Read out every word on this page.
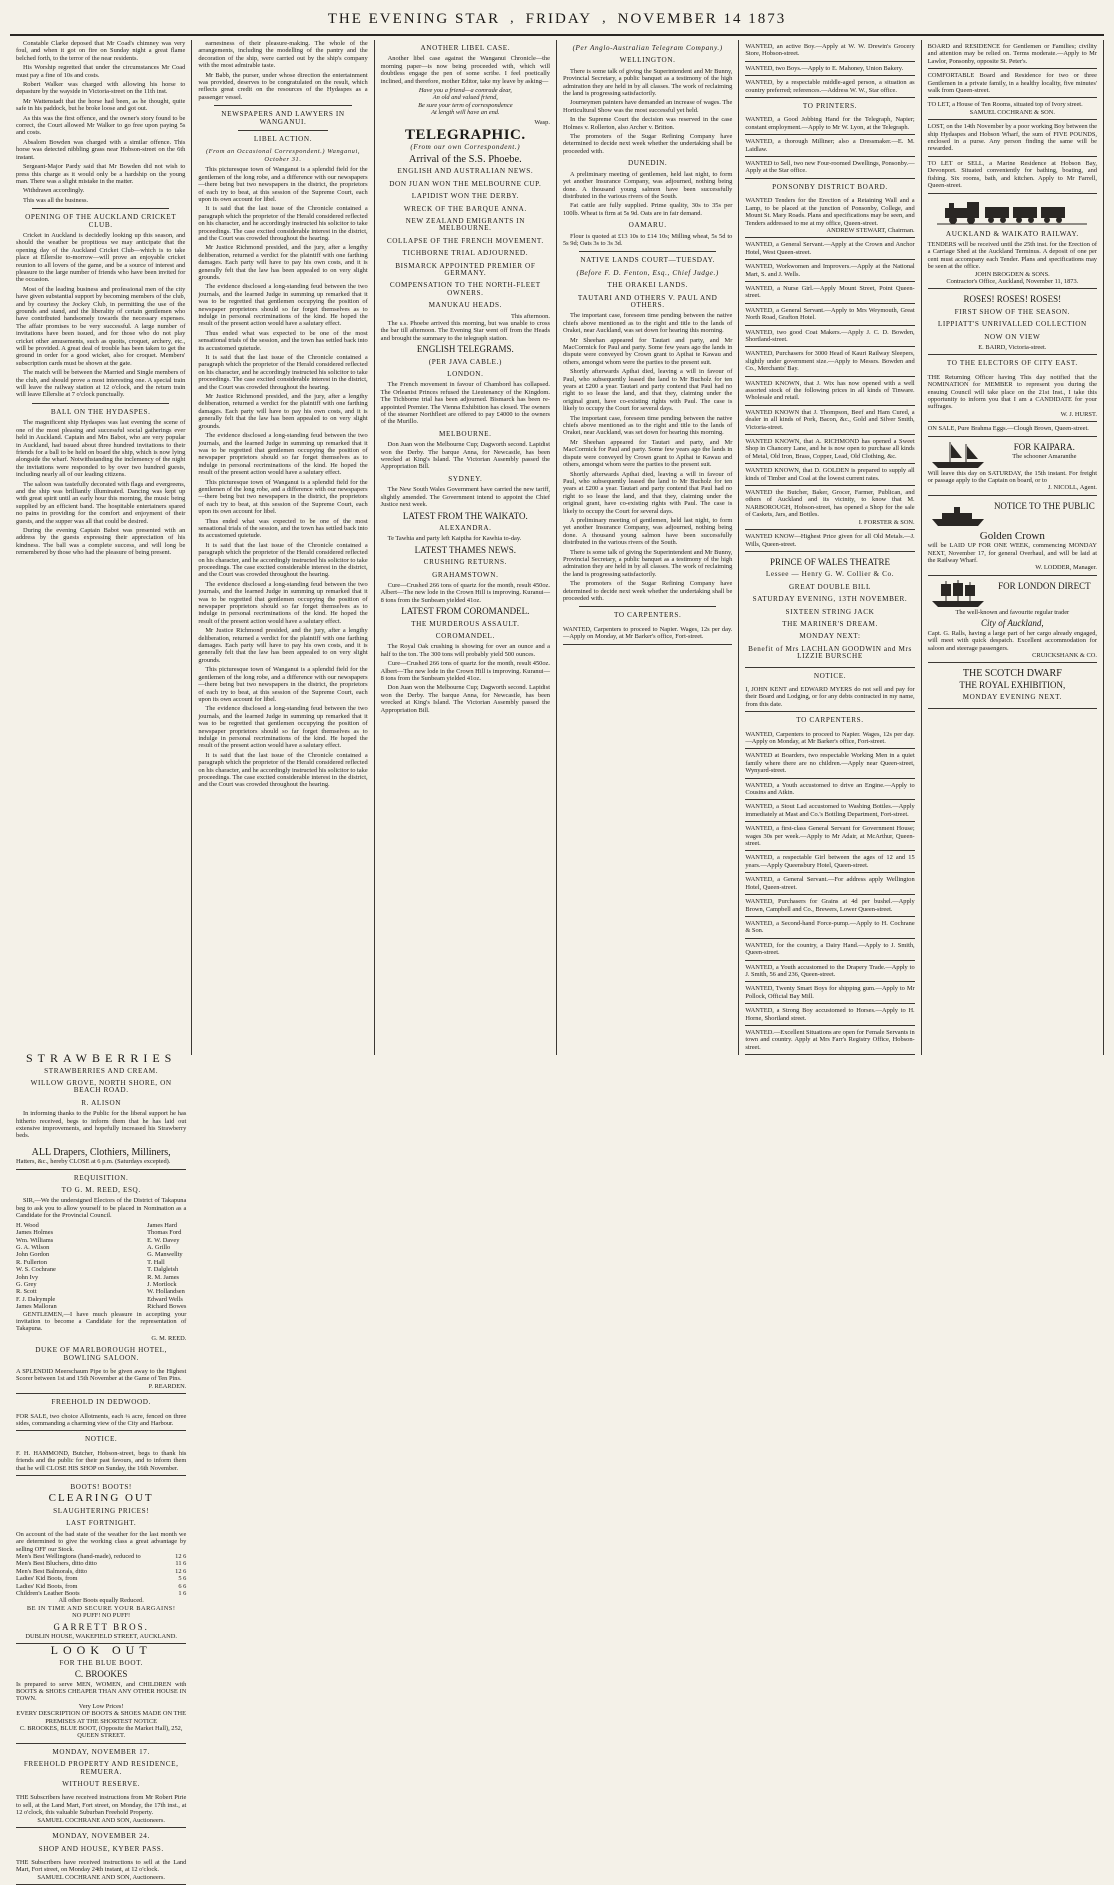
THE EVENING STAR , FRIDAY , NOVEMBER 14 1873

Constable Clarke deposed that Mr Coad's chimney was very foul, and when it got on fire on Sunday night a great flame belched forth, to the terror of the near residents.

His Worship regretted that under the circumstances Mr Coad must pay a fine of 10s and costs.

Robert Walker was charged with allowing his horse to depasture by the wayside in Victoria-street on the 11th inst.

Mr Wattenstadt that the horse had been, as he thought, quite safe in his paddock, but he broke loose and got out.

As this was the first offence, and the owner's story found to be correct, the Court allowed Mr Walker to go free upon paying 5s and costs.

Absalom Bowden was charged with a similar offence. This horse was detected nibbling grass near Hobson-street on the 6th instant.

Sergeant-Major Pardy said that Mr Bowden did not wish to press this charge as it would only be a hardship on the young man. There was a slight mistake in the matter.

Withdrawn accordingly.

This was all the business.

OPENING OF THE AUCKLAND CRICKET CLUB.

Cricket in Auckland is decidedly looking up this season, and should the weather be propitious we may anticipate that the opening day of the Auckland Cricket Club—which is to take place at Ellerslie to-morrow—will prove an enjoyable cricket reunion to all lovers of the game, and be a source of interest and pleasure to the large number of friends who have been invited for the occasion.

Most of the leading business and professional men of the city have given substantial support by becoming members of the club, and by courtesy the Jockey Club, in permitting the use of the grounds and stand, and the liberality of certain gentlemen who have contributed handsomely towards the necessary expenses. The affair promises to be very successful. A large number of invitations have been issued, and for those who do not play cricket other amusements, such as quoits, croquet, archery, etc., will be provided. A great deal of trouble has been taken to get the ground in order for a good wicket, also for croquet. Members' subscription cards must be shown at the gate.

The match will be between the Married and Single members of the club, and should prove a most interesting one. A special train will leave the railway station at 12 o'clock, and the return train will leave Ellerslie at 7 o'clock punctually.

BALL ON THE HYDASPES.

The magnificent ship Hydaspes was last evening the scene of one of the most pleasing and successful social gatherings ever held in Auckland. Captain and Mrs Babot, who are very popular in Auckland, had issued about three hundred invitations to their friends for a ball to be held on board the ship, which is now lying alongside the wharf. Notwithstanding the inclemency of the night the invitations were responded to by over two hundred guests, including nearly all of our leading citizens.

The saloon was tastefully decorated with flags and evergreens, and the ship was brilliantly illuminated. Dancing was kept up with great spirit until an early hour this morning, the music being supplied by an efficient band. The hospitable entertainers spared no pains in providing for the comfort and enjoyment of their guests, and the supper was all that could be desired.

During the evening Captain Babot was presented with an address by the guests expressing their appreciation of his kindness. The ball was a complete success, and will long be remembered by those who had the pleasure of being present.

earnestness of their pleasure-making. The whole of the arrangements, including the modelling of the pantry and the decoration of the ship, were carried out by the ship's company with the most admirable taste.

Mr Babb, the purser, under whose direction the entertainment was provided, deserves to be congratulated on the result, which reflects great credit on the resources of the Hydaspes as a passenger vessel.

NEWSPAPERS AND LAWYERS IN WANGANUI.
LIBEL ACTION.
(From an Occasional Correspondent.) Wanganui, October 31.

This picturesque town of Wanganui is a splendid field for the gentlemen of the long robe, and a difference with our newspapers—there being but two newspapers in the district, the proprietors of each try to beat, at this session of the Supreme Court, each upon its own account for libel.

It is said that the last issue of the Chronicle contained a paragraph which the proprietor of the Herald considered reflected on his character, and he accordingly instructed his solicitor to take proceedings. The case excited considerable interest in the district, and the Court was crowded throughout the hearing.

Mr Justice Richmond presided, and the jury, after a lengthy deliberation, returned a verdict for the plaintiff with one farthing damages. Each party will have to pay his own costs, and it is generally felt that the law has been appealed to on very slight grounds.

The evidence disclosed a long-standing feud between the two journals, and the learned Judge in summing up remarked that it was to be regretted that gentlemen occupying the position of newspaper proprietors should so far forget themselves as to indulge in personal recriminations of the kind. He hoped the result of the present action would have a salutary effect.

Thus ended what was expected to be one of the most sensational trials of the session, and the town has settled back into its accustomed quietude.

It is said that the last issue of the Chronicle contained a paragraph which the proprietor of the Herald considered reflected on his character, and he accordingly instructed his solicitor to take proceedings. The case excited considerable interest in the district, and the Court was crowded throughout the hearing.

Mr Justice Richmond presided, and the jury, after a lengthy deliberation, returned a verdict for the plaintiff with one farthing damages. Each party will have to pay his own costs, and it is generally felt that the law has been appealed to on very slight grounds.

The evidence disclosed a long-standing feud between the two journals, and the learned Judge in summing up remarked that it was to be regretted that gentlemen occupying the position of newspaper proprietors should so far forget themselves as to indulge in personal recriminations of the kind. He hoped the result of the present action would have a salutary effect.

This picturesque town of Wanganui is a splendid field for the gentlemen of the long robe, and a difference with our newspapers—there being but two newspapers in the district, the proprietors of each try to beat, at this session of the Supreme Court, each upon its own account for libel.

Thus ended what was expected to be one of the most sensational trials of the session, and the town has settled back into its accustomed quietude.

It is said that the last issue of the Chronicle contained a paragraph which the proprietor of the Herald considered reflected on his character, and he accordingly instructed his solicitor to take proceedings. The case excited considerable interest in the district, and the Court was crowded throughout the hearing.

The evidence disclosed a long-standing feud between the two journals, and the learned Judge in summing up remarked that it was to be regretted that gentlemen occupying the position of newspaper proprietors should so far forget themselves as to indulge in personal recriminations of the kind. He hoped the result of the present action would have a salutary effect.

Mr Justice Richmond presided, and the jury, after a lengthy deliberation, returned a verdict for the plaintiff with one farthing damages. Each party will have to pay his own costs, and it is generally felt that the law has been appealed to on very slight grounds.

This picturesque town of Wanganui is a splendid field for the gentlemen of the long robe, and a difference with our newspapers—there being but two newspapers in the district, the proprietors of each try to beat, at this session of the Supreme Court, each upon its own account for libel.

The evidence disclosed a long-standing feud between the two journals, and the learned Judge in summing up remarked that it was to be regretted that gentlemen occupying the position of newspaper proprietors should so far forget themselves as to indulge in personal recriminations of the kind. He hoped the result of the present action would have a salutary effect.

It is said that the last issue of the Chronicle contained a paragraph which the proprietor of the Herald considered reflected on his character, and he accordingly instructed his solicitor to take proceedings. The case excited considerable interest in the district, and the Court was crowded throughout the hearing.

ANOTHER LIBEL CASE.

Another libel case against the Wanganui Chronicle—the morning paper—is now being proceeded with, which will doubtless engage the pen of some scribe. I feel poetically inclined, and therefore, mother Editor, take my leave by asking—

Have you a friend—a comrade dear,
An old and valued friend,
Be sure your term of correspondence
At length will have an end.

Wasp.
TELEGRAPHIC.
(From our own Correspondent.)
Arrival of the S.S. Phoebe.
ENGLISH AND AUSTRALIAN NEWS.
DON JUAN WON THE MELBOURNE CUP.
LAPIDIST WON THE DERBY.
WRECK OF THE BARQUE ANNA.
NEW ZEALAND EMIGRANTS IN MELBOURNE.
COLLAPSE OF THE FRENCH MOVEMENT.
TICHBORNE TRIAL ADJOURNED.
BISMARCK APPOINTED PREMIER OF GERMANY.
COMPENSATION TO THE NORTH-FLEET OWNERS.
MANUKAU HEADS.
This afternoon.

The s.s. Phoebe arrived this morning, but was unable to cross the bar till afternoon. The Evening Star went off from the Heads and brought the summary to the telegraph station.

ENGLISH TELEGRAMS.
(PER JAVA CABLE.)
LONDON.

The French movement in favour of Chambord has collapsed. The Orleanist Princes refused the Lieutenancy of the Kingdom. The Tichborne trial has been adjourned. Bismarck has been re-appointed Premier. The Vienna Exhibition has closed. The owners of the steamer Northfleet are offered to pay £4000 to the owners of the Murillo.

MELBOURNE.

Don Juan won the Melbourne Cup; Dagworth second. Lapidist won the Derby. The barque Anna, for Newcastle, has been wrecked at King's Island. The Victorian Assembly passed the Appropriation Bill.

SYDNEY.

The New South Wales Government have carried the new tariff, slightly amended. The Government intend to appoint the Chief Justice next week.

LATEST FROM THE WAIKATO.
ALEXANDRA.

Te Tawhia and party left Kaipiha for Kawhia to-day.

LATEST THAMES NEWS.
CRUSHING RETURNS.
GRAHAMSTOWN.

Cure—Crushed 266 tons of quartz for the month, result 450oz. Albert—The new lode in the Crown Hill is improving. Kuranui—8 tons from the Sunbeam yielded 41oz.

LATEST FROM COROMANDEL.
THE MURDEROUS ASSAULT.
COROMANDEL.

The Royal Oak crushing is showing for over an ounce and a half to the ton. The 300 tons will probably yield 500 ounces.

Cure—Crushed 266 tons of quartz for the month, result 450oz. Albert—The new lode in the Crown Hill is improving. Kuranui—8 tons from the Sunbeam yielded 41oz.

Don Juan won the Melbourne Cup; Dagworth second. Lapidist won the Derby. The barque Anna, for Newcastle, has been wrecked at King's Island. The Victorian Assembly passed the Appropriation Bill.

(Per Anglo-Australian Telegram Company.)
WELLINGTON.

There is some talk of giving the Superintendent and Mr Bunny, Provincial Secretary, a public banquet as a testimony of the high admiration they are held in by all classes. The work of reclaiming the land is progressing satisfactorily.

Journeymen painters have demanded an increase of wages. The Horticultural Show was the most successful yet held.

In the Supreme Court the decision was reserved in the case Holmes v. Rollerton, also Archer v. Britton.

The promoters of the Sugar Refining Company have determined to decide next week whether the undertaking shall be proceeded with.

DUNEDIN.

A preliminary meeting of gentlemen, held last night, to form yet another Insurance Company, was adjourned, nothing being done. A thousand young salmon have been successfully distributed in the various rivers of the South.

Fat cattle are fully supplied. Prime quality, 30s to 35s per 100lb. Wheat is firm at 5s 9d. Oats are in fair demand.

OAMARU.

Flour is quoted at £13 10s to £14 10s; Milling wheat, 5s 5d to 5s 9d; Oats 3s to 3s 3d.

NATIVE LANDS COURT—TUESDAY.
(Before F. D. Fenton, Esq., Chief Judge.)
THE ORAKEI LANDS.
TAUTARI AND OTHERS V. PAUL AND OTHERS.

The important case, foreseen time pending between the native chiefs above mentioned as to the right and title to the lands of Orakei, near Auckland, was set down for hearing this morning.

Mr Sheehan appeared for Tautari and party, and Mr MacCormick for Paul and party. Some few years ago the lands in dispute were conveyed by Crown grant to Apihai te Kawau and others, amongst whom were the parties to the present suit.

Shortly afterwards Apihai died, leaving a will in favour of Paul, who subsequently leased the land to Mr Bucholz for ten years at £200 a year. Tautari and party contend that Paul had no right to so lease the land, and that they, claiming under the original grant, have co-existing rights with Paul. The case is likely to occupy the Court for several days.

The important case, foreseen time pending between the native chiefs above mentioned as to the right and title to the lands of Orakei, near Auckland, was set down for hearing this morning.

Mr Sheehan appeared for Tautari and party, and Mr MacCormick for Paul and party. Some few years ago the lands in dispute were conveyed by Crown grant to Apihai te Kawau and others, amongst whom were the parties to the present suit.

Shortly afterwards Apihai died, leaving a will in favour of Paul, who subsequently leased the land to Mr Bucholz for ten years at £200 a year. Tautari and party contend that Paul had no right to so lease the land, and that they, claiming under the original grant, have co-existing rights with Paul. The case is likely to occupy the Court for several days.

A preliminary meeting of gentlemen, held last night, to form yet another Insurance Company, was adjourned, nothing being done. A thousand young salmon have been successfully distributed in the various rivers of the South.

There is some talk of giving the Superintendent and Mr Bunny, Provincial Secretary, a public banquet as a testimony of the high admiration they are held in by all classes. The work of reclaiming the land is progressing satisfactorily.

The promoters of the Sugar Refining Company have determined to decide next week whether the undertaking shall be proceeded with.

TO CARPENTERS.
WANTED, Carpenters to proceed to Napier. Wages, 12s per day.—Apply on Monday, at Mr Barker's office, Fort-street.
WANTED, an active Boy.—Apply at W. W. Drewin's Grocery Store, Hobson-street.
WANTED, two Boys.—Apply to E. Mahoney, Union Bakery.
WANTED, by a respectable middle-aged person, a situation as country preferred; references.—Address W. W., Star office.
TO PRINTERS.
WANTED, a Good Jobbing Hand for the Telegraph, Napier; constant employment.—Apply to Mr W. Lyon, at the Telegraph.
WANTED, a thorough Milliner; also a Dressmaker.—E. M. Laidlaw.
WANTED to Sell, two new Four-roomed Dwellings, Ponsonby.—Apply at the Star office.
PONSONBY DISTRICT BOARD.
WANTED Tenders for the Erection of a Retaining Wall and a Lamp, to be placed at the junction of Ponsonby, College, and Mount St. Mary Roads. Plans and specifications may be seen, and Tenders addressed to me at my office, Queen-street.
ANDREW STEWART, Chairman.
WANTED, a General Servant.—Apply at the Crown and Anchor Hotel, West Queen-street.
WANTED, Workwomen and Improvers.—Apply at the National Mart, S. and J. Wells.
WANTED, a Nurse Girl.—Apply Mount Street, Point Queen-street.
WANTED, a General Servant.—Apply to Mrs Weymouth, Great North Road, Grafton Hotel.
WANTED, two good Coat Makers.—Apply J. C. D. Bowden, Shortland-street.
WANTED, Purchasers for 3000 Head of Kauri Railway Sleepers, slightly under government size.—Apply to Messrs. Bowden and Co., Merchants' Bay.
WANTED KNOWN, that J. Wix has now opened with a well assorted stock of the following prices in all kinds of Tinware. Wholesale and retail.
WANTED KNOWN that J. Thompson, Beef and Ham Cured, a dealer in all kinds of Pork, Bacon, &c., Gold and Silver Smith, Victoria-street.
WANTED KNOWN, that A. RICHMOND has opened a Sweet Shop in Chancery Lane, and he is now open to purchase all kinds of Metal, Old Iron, Brass, Copper, Lead, Old Clothing, &c.
WANTED KNOWN, that D. GOLDEN is prepared to supply all kinds of Timber and Coal at the lowest current rates.
WANTED the Butcher, Baker, Grocer, Farmer, Publican, and others of Auckland and its vicinity, to know that M. NARBOROUGH, Hobson-street, has opened a Shop for the sale of Caskets, Jars, and Bottles.
I. FORSTER & SON.
WANTED KNOW—Highest Price given for all Old Metals.—J. Wills, Queen-street.
PRINCE OF WALES THEATRE
Lessee — Henry G. W. Collier & Co.
GREAT DOUBLE BILL
SATURDAY EVENING, 13TH NOVEMBER.
SIXTEEN STRING JACK
THE MARINER'S DREAM.
MONDAY NEXT:
Benefit of Mrs LACHLAN GOODWIN and Mrs LIZZIE BURSCHE
NOTICE.
I, JOHN KENT and EDWARD MYERS do not sell and pay for their Board and Lodging, or for any debts contracted in my name, from this date.
TO CARPENTERS.
WANTED, Carpenters to proceed to Napier. Wages, 12s per day.—Apply on Monday, at Mr Barker's office, Fort-street.
WANTED at Boarders, two respectable Working Men in a quiet family where there are no children.—Apply near Queen-street, Wynyard-street.
WANTED, a Youth accustomed to drive an Engine.—Apply to Cousins and Atkin.
WANTED, a Stout Lad accustomed to Washing Bottles.—Apply immediately at Mast and Co.'s Bottling Department, Fort-street.
WANTED, a first-class General Servant for Government House; wages 30s per week.—Apply to Mr Adair, at McArthur, Queen-street.
WANTED, a respectable Girl between the ages of 12 and 15 years.—Apply Queensbury Hotel, Queen-street.
WANTED, a General Servant.—For address apply Wellington Hotel, Queen-street.
WANTED, Purchasers for Grains at 4d per bushel.—Apply Brown, Campbell and Co., Brewers, Lower Queen-street.
WANTED, a Second-hand Force-pump.—Apply to H. Cochrane & Son.
WANTED, for the country, a Dairy Hand.—Apply to J. Smith, Queen-street.
WANTED, a Youth accustomed to the Drapery Trade.—Apply to J. Smith, 56 and 236, Queen-street.
WANTED, Twenty Smart Boys for shipping gum.—Apply to Mr Pollock, Official Bay Mill.
WANTED, a Strong Boy accustomed to Horses.—Apply to H. Horne, Shortland street.
WANTED.—Excellent Situations are open for Female Servants in town and country. Apply at Mrs Farr's Registry Office, Hobson-street.
BOARD and RESIDENCE for Gentlemen or Families; civility and attention may be relied on. Terms moderate.—Apply to Mr Lawlor, Ponsonby, opposite St. Peter's.
COMFORTABLE Board and Residence for two or three Gentlemen in a private family, in a healthy locality, five minutes' walk from Queen-street.
TO LET, a House of Ten Rooms, situated top of Ivory street.
SAMUEL COCHRANE & SON.
LOST, on the 14th November by a poor working Boy between the ship Hydaspes and Hobson Wharf, the sum of FIVE POUNDS, enclosed in a purse. Any person finding the same will be rewarded.
TO LET or SELL, a Marine Residence at Hobson Bay, Devonport. Situated conveniently for bathing, boating, and fishing. Six rooms, bath, and kitchen. Apply to Mr Farrell, Queen-street.
AUCKLAND & WAIKATO RAILWAY.
TENDERS will be received until the 25th inst. for the Erection of a Carriage Shed at the Auckland Terminus. A deposit of one per cent must accompany each Tender. Plans and specifications may be seen at the office.
JOHN BROGDEN & SONS.
Contractor's Office, Auckland, November 11, 1873.
ROSES! ROSES! ROSES!
FIRST SHOW OF THE SEASON.
LIPPIATT'S UNRIVALLED COLLECTION
NOW ON VIEW
E. BAIRD, Victoria-street.
TO THE ELECTORS OF CITY EAST.
THE Returning Officer having This day notified that the NOMINATION for MEMBER to represent you during the ensuing Council will take place on the 21st Inst., I take this opportunity to inform you that I am a CANDIDATE for your suffrages.
W. J. HURST.
ON SALE, Pure Brahma Eggs.—Clough Brown, Queen-street.
FOR KAIPARA.
The schooner Amaranthe
Will leave this day on SATURDAY, the 15th instant. For freight or passage apply to the Captain on board, or to
J. NICOLL, Agent.
NOTICE TO THE PUBLIC
Golden Crown
will be LAID UP FOR ONE WEEK, commencing MONDAY NEXT, November 17, for general Overhaul, and will be laid at the Railway Wharf.
W. LODDER, Manager.
FOR LONDON DIRECT
The well-known and favourite regular trader
City of Auckland,
Capt. G. Ralls, having a large part of her cargo already engaged, will meet with quick despatch. Excellent accommodation for saloon and steerage passengers.
CRUICKSHANK & CO.
THE SCOTCH DWARF
THE ROYAL EXHIBITION,
MONDAY EVENING NEXT.
STRAWBERRIES
STRAWBERRIES AND CREAM.
WILLOW GROVE, NORTH SHORE, ON BEACH ROAD.
R. ALISON

In informing thanks to the Public for the liberal support he has hitherto received, begs to inform them that he has laid out extensive improvements, and hopefully increased his Strawberry beds.

ALL Drapers, Clothiers, Milliners,
Hatters, &c., hereby CLOSE at 6 p.m. (Saturdays excepted).
REQUISITION.
TO G. M. REED, ESQ.

SIR,—We the undersigned Electors of the District of Takapuna beg to ask you to allow yourself to be placed in Nomination as a Candidate for the Provincial Council.

H. Wood
James Holmes
Wm. Williams
G. A. Wilson
John Gordon
R. Fullerton
W. S. Cochrane
John Ivy
G. Grey
R. Scott
F. J. Dalrymple
James Malloran
James Hard
Thomas Ford
E. W. Davey
A. Grillo
G. Manwellty
T. Hall
T. Dalgleish
R. M. James
J. Mortlock
W. Hollandsen
Edward Wells
Richard Bowes

GENTLEMEN,—I have much pleasure in accepting your invitation to become a Candidate for the representation of Takapuna.

G. M. REED.
DUKE OF MARLBOROUGH HOTEL, BOWLING SALOON.
A SPLENDID Meerschaum Pipe to be given away to the Highest Scorer between 1st and 15th November at the Game of Ten Pins.
P. REARDEN.
FREEHOLD IN DEDWOOD.
FOR SALE, two choice Allotments, each ¼ acre, fenced on three sides, commanding a charming view of the City and Harbour.
NOTICE.
F. H. HAMMOND, Butcher, Hobson-street, begs to thank his friends and the public for their past favours, and to inform them that he will CLOSE HIS SHOP on Sunday, the 16th November.
BOOTS! BOOTS!
CLEARING OUT
SLAUGHTERING PRICES!
LAST FORTNIGHT.
On account of the bad state of the weather for the last month we are determined to give the working class a great advantage by selling OFF our Stock.
Men's Best Wellingtons (hand-made), reduced to	12 6
Men's Best Bluchers, ditto ditto	11 6
Men's Best Balmorals, ditto	12 6
Ladies' Kid Boots, from	5 6
Ladies' Kid Boots, from	6 6
Children's Leather Boots	1 6
All other Boots equally Reduced.
BE IN TIME AND SECURE YOUR BARGAINS!
NO PUFF! NO PUFF!
GARRETT BROS.
DUBLIN HOUSE, WAKEFIELD STREET, AUCKLAND.
LOOK OUT
FOR THE BLUE BOOT.
C. BROOKES
Is prepared to serve MEN, WOMEN, and CHILDREN with BOOTS & SHOES CHEAPER THAN ANY OTHER HOUSE IN TOWN.
Very Low Prices!
EVERY DESCRIPTION OF BOOTS & SHOES MADE ON THE PREMISES AT THE SHORTEST NOTICE
C. BROOKES, BLUE BOOT, (Opposite the Market Hall), 252, QUEEN STREET.
MONDAY, NOVEMBER 17.
FREEHOLD PROPERTY AND RESIDENCE, REMUERA.
WITHOUT RESERVE.
THE Subscribers have received instructions from Mr Robert Pirie to sell, at the Land Mart, Fort street, on Monday, the 17th inst., at 12 o'clock, this valuable Suburban Freehold Property.
SAMUEL COCHRANE AND SON, Auctioneers.
MONDAY, NOVEMBER 24.
SHOP AND HOUSE, KYBER PASS.
THE Subscribers have received instructions to sell at the Land Mart, Fort street, on Monday 24th instant, at 12 o'clock.
SAMUEL COCHRANE AND SON, Auctioneers.
